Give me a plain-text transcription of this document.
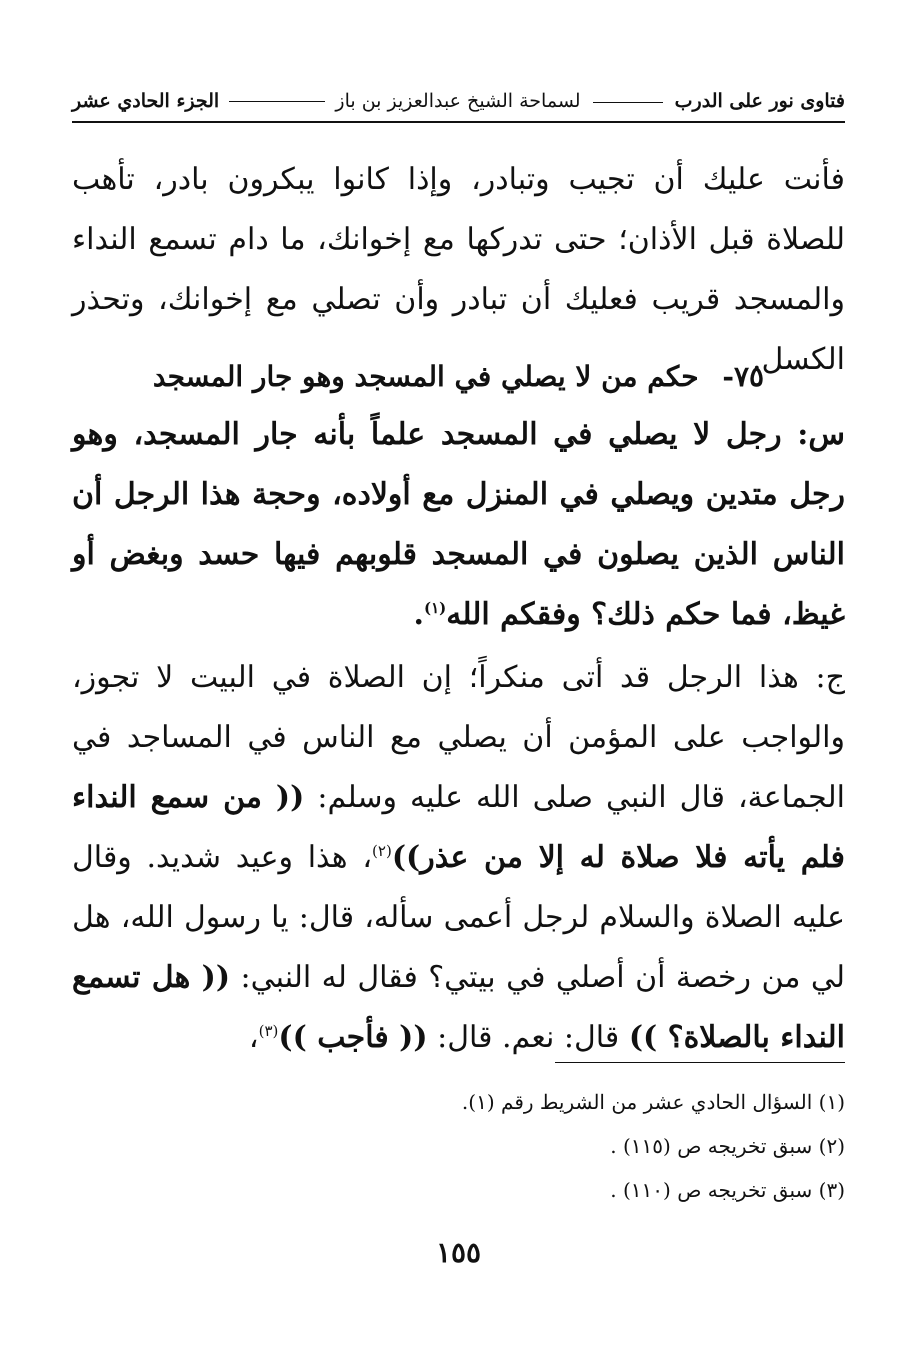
فتاوى نور على الدرب  لسماحة الشيخ عبدالعزيز بن باز
الجزء الحادي عشر
فأنت عليك أن تجيب وتبادر، وإذا كانوا يبكرون بادر، تأهب للصلاة قبل الأذان؛ حتى تدركها مع إخوانك، ما دام تسمع النداء والمسجد قريب فعليك أن تبادر وأن تصلي مع إخوانك، وتحذر الكسل.
٧٥- حكم من لا يصلي في المسجد وهو جار المسجد
س: رجل لا يصلي في المسجد علماً بأنه جار المسجد، وهو رجل متدين ويصلي في المنزل مع أولاده، وحجة هذا الرجل أن الناس الذين يصلون في المسجد قلوبهم فيها حسد وبغض أو غيظ، فما حكم ذلك؟ وفقكم الله$^{(١)}$.
ج: هذا الرجل قد أتى منكراً؛ إن الصلاة في البيت لا تجوز، والواجب على المؤمن أن يصلي مع الناس في المساجد في الجماعة، قال النبي صلى الله عليه وسلم: (( من سمع النداء فلم يأته فلا صلاة له إلا من عذر))$^{(٢)}$، هذا وعيد شديد. وقال عليه الصلاة والسلام لرجل أعمى سأله، قال: يا رسول الله، هل لي من رخصة أن أصلي في بيتي؟ فقال له النبي: (( هل تسمع النداء بالصلاة؟ )) قال: نعم. قال: (( فأجب ))$^{(٣)}$،
(١) السؤال الحادي عشر من الشريط رقم (١).
(٢) سبق تخريجه ص (١١٥) .
(٣) سبق تخريجه ص (١١٠) .
١٥٥
